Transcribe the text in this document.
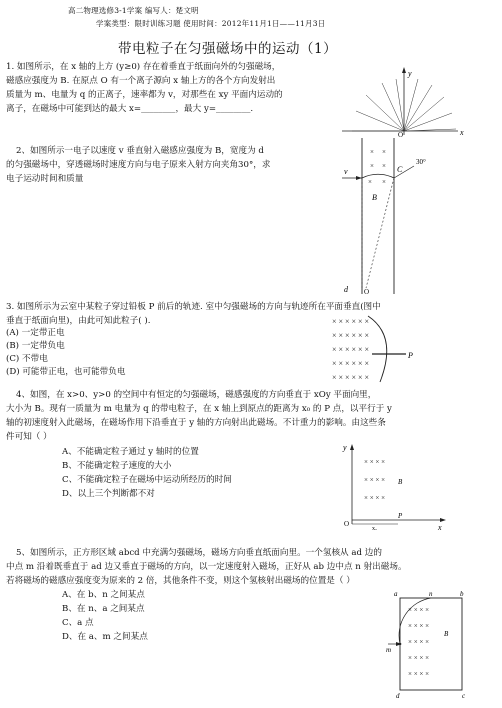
高二物理选修3-1学案 编写人：楚文明
学案类型：限时训练习题 使用时间：2012年11月1日——11月3日
带电粒子在匀强磁场中的运动（1）
1. 如图所示，在 x 轴的上方 (y≥0) 存在着垂直于纸面向外的匀强磁场，
磁感应强度为 B. 在原点 O 有一个离子源向 x 轴上方的各个方向发射出
质量为 m、电量为 q 的正离子，速率都为 v，对那些在 xy 平面内运动的
离子，在磁场中可能到达的最大 x=________，最大 y=________.
y
x
O
2、如图所示一电子以速度 v 垂直射入磁感应强度为 B，宽度为 d
的匀强磁场中，穿透磁场时速度方向与电子原来入射方向夹角30°，求
电子运动时间和质量
× ×
× ×
× ×
v	C
30°
O
d
B
3. 如图所示为云室中某粒子穿过铅板 P 前后的轨迹. 室中匀强磁场的方向与轨迹所在平面垂直(图中
垂直于纸面向里)，由此可知此粒子( ).
(A) 一定带正电
(B) 一定带负电
(C) 不带电
(D) 可能带正电，也可能带负电
× × × × × ×
× × × × × ×
× × × × × ×
× × × × × ×
× × × × × ×
P
4、如图，在 x>0、y>0 的空间中有恒定的匀强磁场，磁感强度的方向垂直于 xOy 平面向里，
大小为 B。现有一质量为 m 电量为 q 的带电粒子，在 x 轴上到原点的距离为 x₀ 的 P 点，以平行于 y
轴的初速度射入此磁场，在磁场作用下沿垂直于 y 轴的方向射出此磁场。不计重力的影响。由这些条
件可知（ ）
A、不能确定粒子通过 y 轴时的位置
B、不能确定粒子速度的大小
C、不能确定粒子在磁场中运动所经历的时间
D、以上三个判断都不对
× × × ×
× × × ×
× × × ×
y
x
O
P
x₀
B
5、如图所示，正方形区域 abcd 中充满匀强磁场，磁场方向垂直纸面向里。一个氢核从 ad 边的
中点 m 沿着既垂直于 ad 边又垂直于磁场的方向，以一定速度射入磁场，正好从 ab 边中点 n 射出磁场。
若将磁场的磁感应强度变为原来的 2 倍，其他条件不变，则这个氢核射出磁场的位置是（ ）
A、在 b、n 之间某点
B、在 n、a 之间某点
C、a 点
D、在 a、m 之间某点
× × × ×
× × × ×
× × × ×
× × × ×
× × × ×
a	b
c
d
m
n
B
